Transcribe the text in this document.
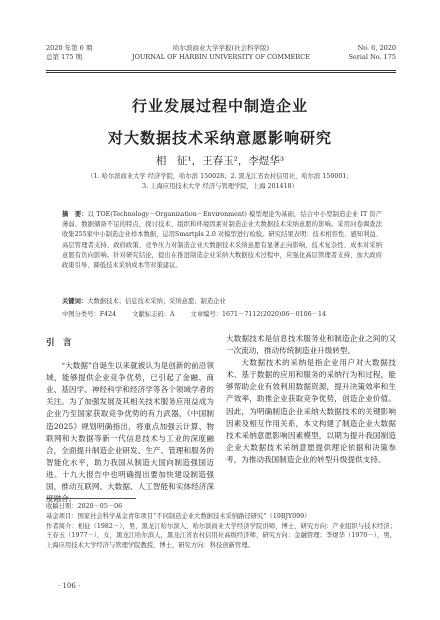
2020 年第 6 期
总第 175 期
哈尔滨商业大学学报(社会科学版)
JOURNAL OF HARBIN UNIVERSITY OF COMMERCE
No. 6, 2020
Serial No. 175
行业发展过程中制造企业
对大数据技术采纳意愿影响研究
相　征¹，王春玉²，李煜华³
（1. 哈尔滨商业大学 经济学院，哈尔滨 150028；2. 黑龙江省农村信用社，哈尔滨 150001；
3. 上海应用技术大学 经济与管理学院，上海 201418）
摘　要：以 TOE(Technology－Organization－Environment) 模型理论为基础，结合中小型制造企业 IT 资产薄弱、数据储备不足的特点，探讨技术、组织和环境因素对制造企业大数据技术采纳意愿的影响。采用问卷调查法收集255家中小制造企业样本数据，运用Smartpls 2.0 对模型进行检验。研究结果表明：技术相容性、感知利益、高层管理者支持、政府政策、竞争压力对制造企业大数据技术采纳意愿有显著正向影响，技术复杂性、成本对采纳意愿有负向影响。针对研究结论，提出在推进制造企业采纳大数据技术过程中，应强化高层管理者支持、加大政府政策引导、降低技术采纳成本等对策建议。
关键词：大数据技术；信息技术采纳；采纳意愿；制造企业
中图分类号：F424	文献标志码：A	文章编号：1671－7112(2020)06－0106－14
引　言
“大数据”自诞生以来就被认为是创新的前沿领域，能够提供企业竞争优势，已引起了金融、商业、基因学、神经科学和经济学等各个领域学者的关注。为了加强发展及其相关技术服务应用益成为企业乃至国家获取竞争优势的有力武器，《中国制造2025》规划明确指出，将重点加强云计算、物联网和大数据等新一代信息技术与工业的深度融合，全面提升制造企业研发、生产、管理和服务的智能化水平，助力我国从制造大国向制造强国迈进。十九大报告中也明确提出要加快建设制造强国，推动互联网、大数据、人工智能和实体经济深度融合。
大数据技术是信息技术服务业和制造企业之间的又一次流动，推动传统制造业升级转型。
大数据技术的采纳是指企业用户对大数据技术、基于数据的应用和服务的采纳行为和过程，能够帮助企业有效利用数据资源，提升决策效率和生产效率，助推企业获取竞争优势，创造企业价值。因此，为明确制造企业采纳大数据技术的关键影响因素及相互作用关系，本文构建了制造企业大数据技术采纳意愿影响因素模型，以期为提升我国制造企业大数据技术采纳意愿提供理论依据和决策参考，为推动我国制造企业的转型升级提供支持。
收稿日期：2020－05－06
基金项目：国家社会科学基金青年项目“不同制造企业大数据技术采纳路径研究”（19BJY099）
作者简介：相征（1982－），男，黑龙江哈尔滨人，哈尔滨商业大学经济学院讲师，博士，研究方向：产业组织与技术经济；王春玉（1977－），女，黑龙江哈尔滨人，黑龙江省农村信用社高级经济师，研究方向：金融管理；李煜华（1970－），男，上海应用技术大学经济与管理学院教授，博士，研究方向：科技创新管理。
· 106 ·
